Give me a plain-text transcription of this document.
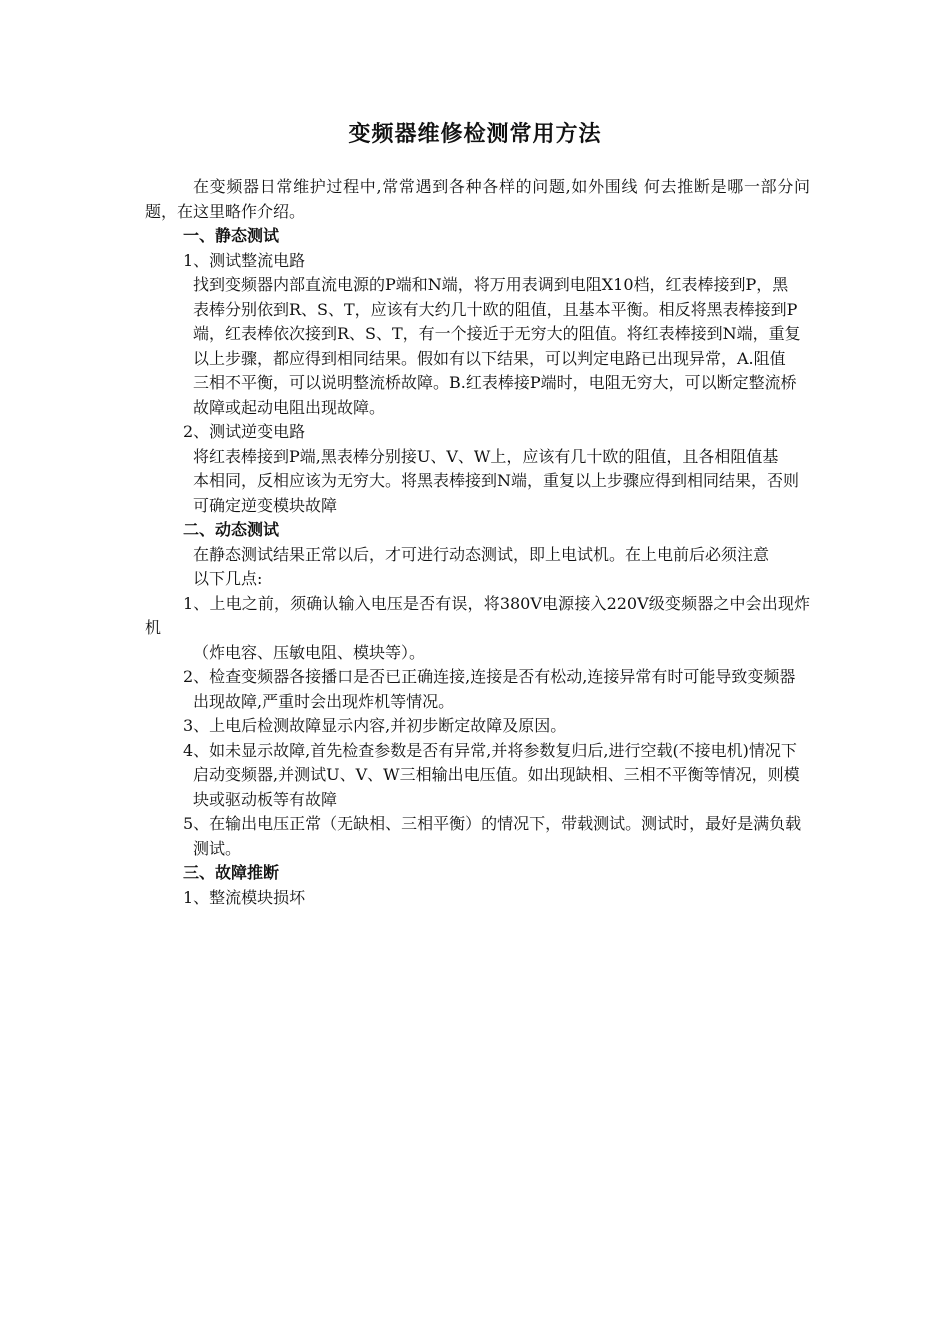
变频器维修检测常用方法

在变频器日常维护过程中,常常遇到各种各样的问题,如外围线 何去推断是哪一部分问题，在这里略作介绍。

一、静态测试

1、测试整流电路

找到变频器内部直流电源的P端和N端，将万用表调到电阻X10档，红表棒接到P，黑

表棒分别依到R、S、T，应该有大约几十欧的阻值，且基本平衡。相反将黑表棒接到P

端，红表棒依次接到R、S、T，有一个接近于无穷大的阻值。将红表棒接到N端，重复

以上步骤，都应得到相同结果。假如有以下结果，可以判定电路已出现异常，A.阻值

三相不平衡，可以说明整流桥故障。B.红表棒接P端时，电阻无穷大，可以断定整流桥

故障或起动电阻出现故障。

2、测试逆变电路

将红表棒接到P端,黑表棒分别接U、V、W上，应该有几十欧的阻值，且各相阻值基

本相同，反相应该为无穷大。将黑表棒接到N端，重复以上步骤应得到相同结果，否则

可确定逆变模块故障

二、动态测试

在静态测试结果正常以后，才可进行动态测试，即上电试机。在上电前后必须注意

以下几点:

1、上电之前，须确认输入电压是否有误，将380V电源接入220V级变频器之中会出现炸机

（炸电容、压敏电阻、模块等）。

2、检查变频器各接播口是否已正确连接,连接是否有松动,连接异常有时可能导致变频器

出现故障,严重时会出现炸机等情况。

3、上电后检测故障显示内容,并初步断定故障及原因。

4、如未显示故障,首先检查参数是否有异常,并将参数复归后,进行空载(不接电机)情况下

启动变频器,并测试U、V、W三相输出电压值。如出现缺相、三相不平衡等情况，则模

块或驱动板等有故障

5、在输出电压正常（无缺相、三相平衡）的情况下，带载测试。测试时，最好是满负载

测试。

三、故障推断

1、整流模块损坏
